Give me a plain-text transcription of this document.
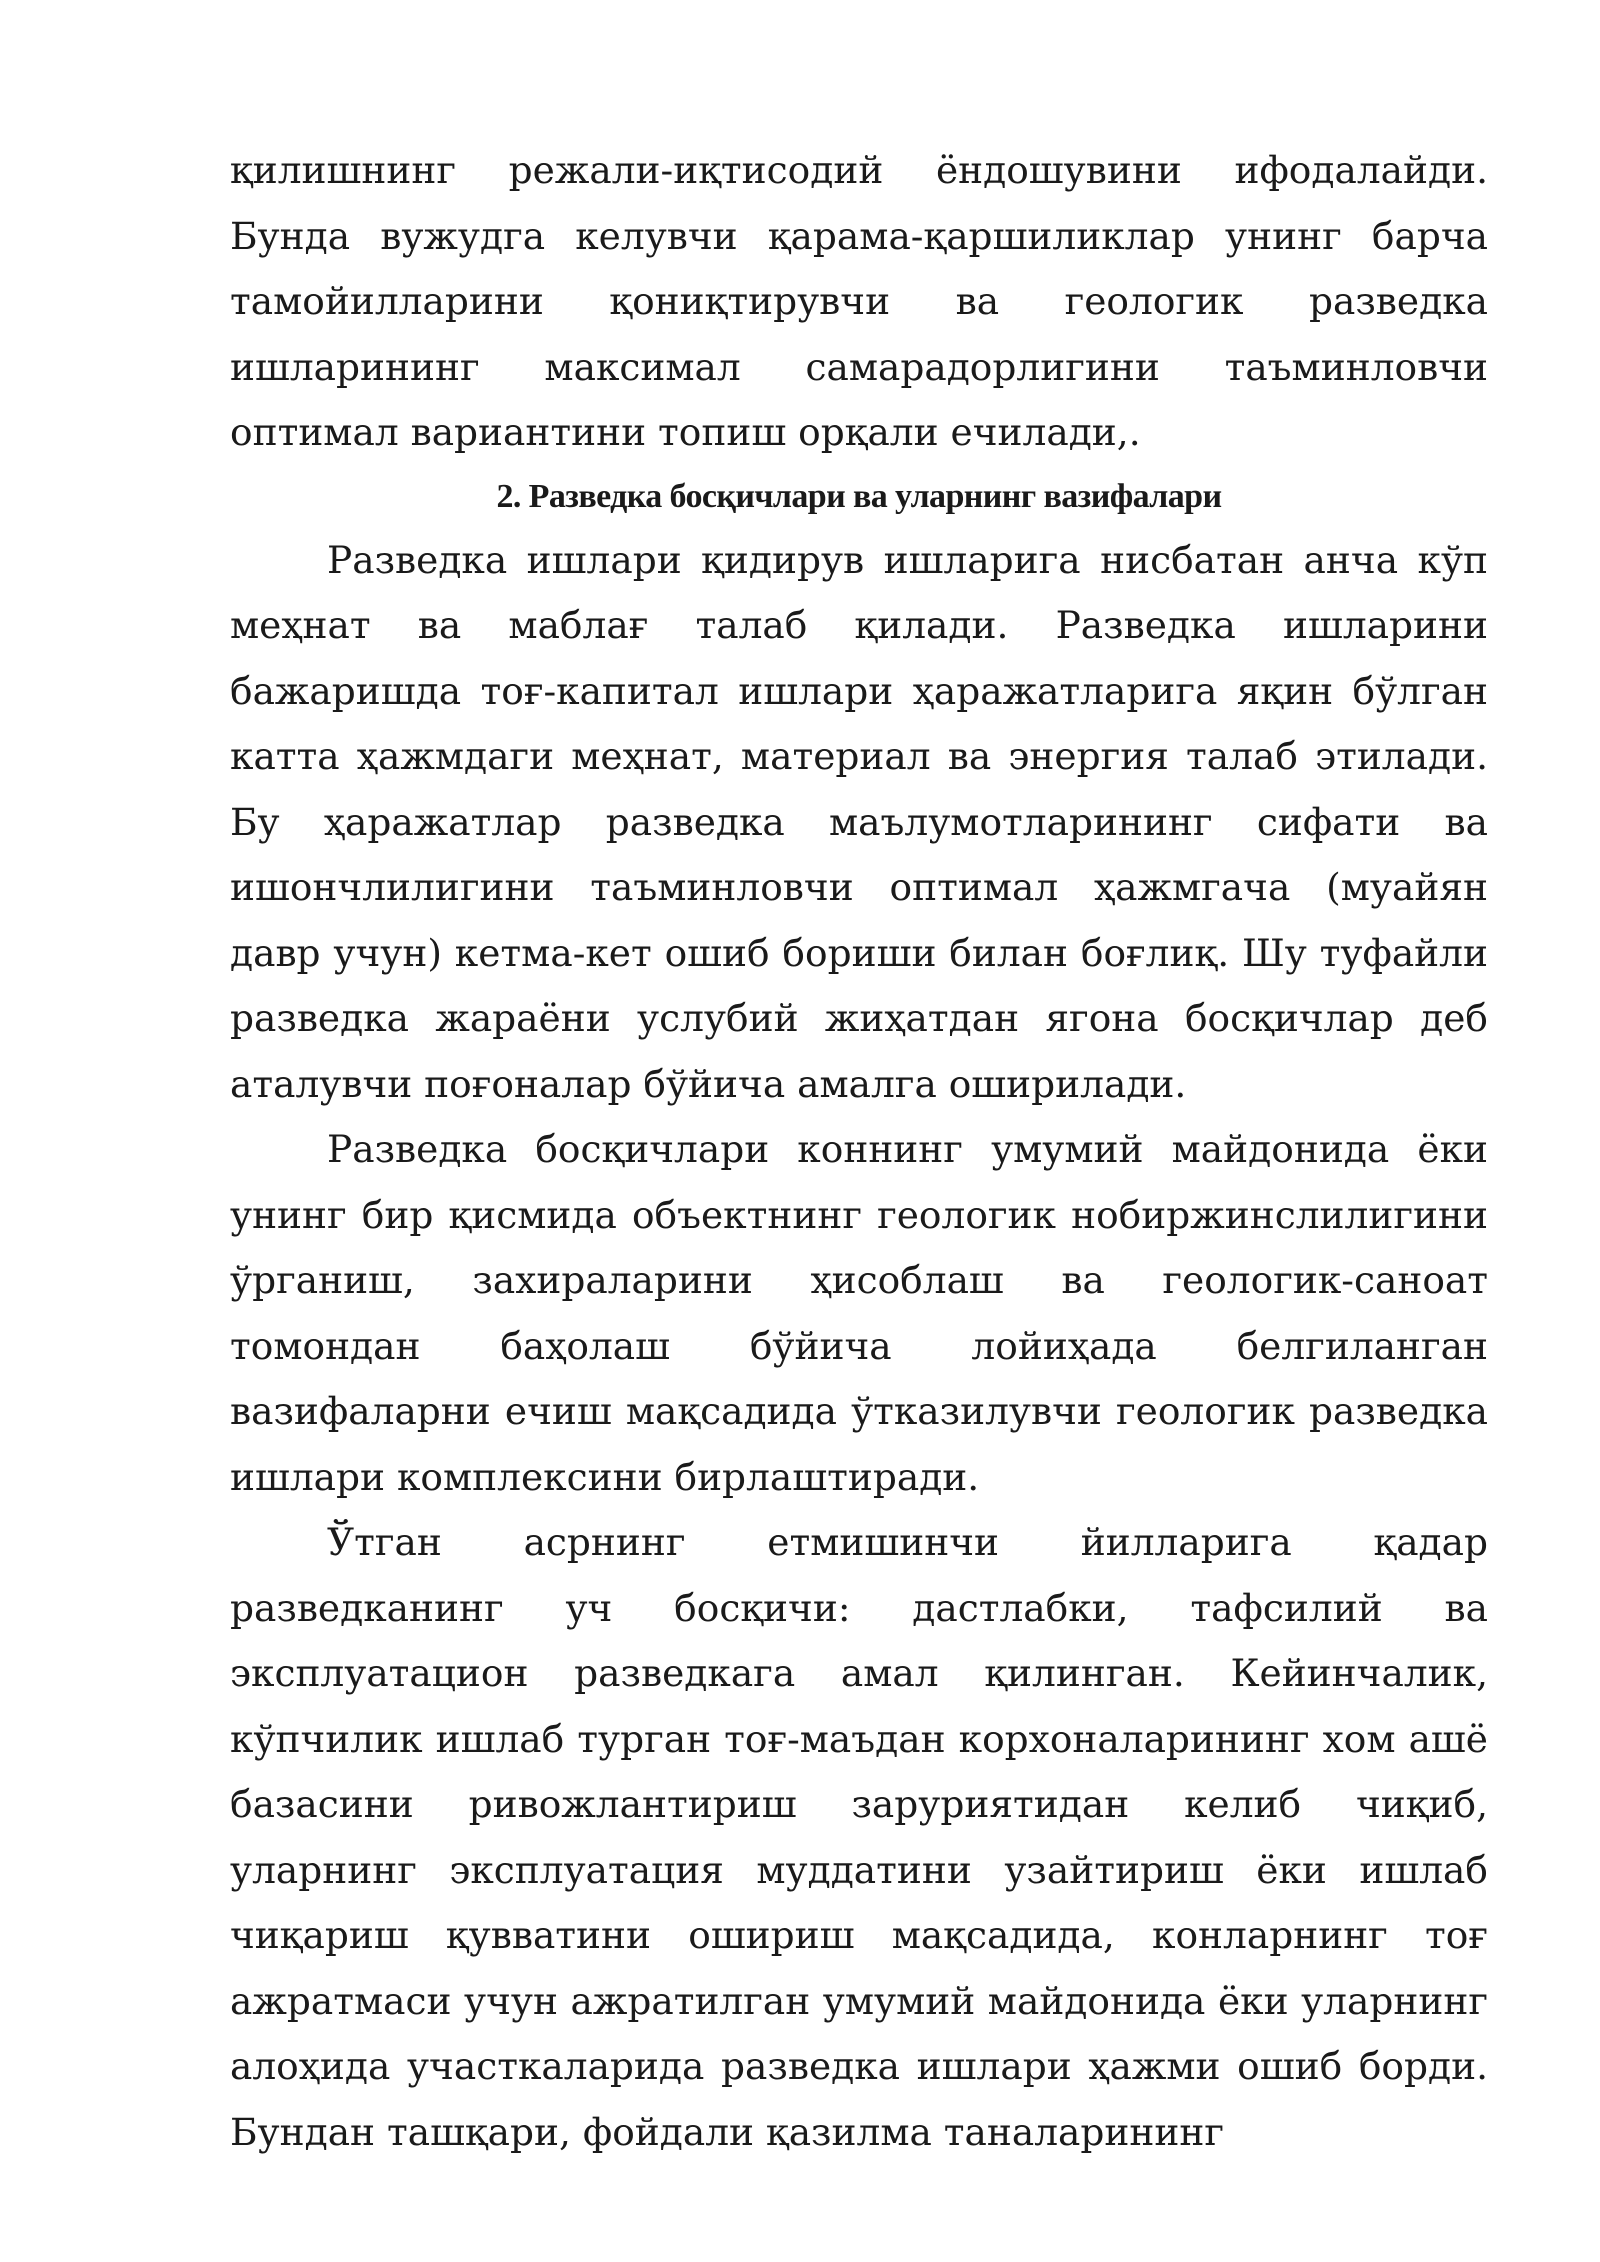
қилишнинг режали-иқтисодий ёндошувини ифодалайди. Бунда вужудга келувчи қарама-қаршиликлар унинг барча тамойилларини қониқтирувчи ва геологик разведка ишларининг максимал самарадорлигини таъминловчи оптимал вариантини топиш орқали ечилади,.

2. Разведка босқичлари ва уларнинг вазифалари

Разведка ишлари қидирув ишларига нисбатан анча кўп меҳнат ва маблағ талаб қилади. Разведка ишларини бажаришда тоғ-капитал ишлари ҳаражатларига яқин бўлган катта ҳажмдаги меҳнат, материал ва энергия талаб этилади. Бу ҳаражатлар разведка маълумотларининг сифати ва ишончлилигини таъминловчи оптимал ҳажмгача (муайян давр учун) кетма-кет ошиб бориши билан боғлиқ. Шу туфайли разведка жараёни услубий жиҳатдан ягона босқичлар деб аталувчи поғоналар бўйича амалга оширилади.

Разведка босқичлари коннинг умумий майдонида ёки унинг бир қисмида объектнинг геологик нобиржинслилигини ўрганиш, захираларини ҳисоблаш ва геологик-саноат томондан баҳолаш бўйича лойиҳада белгиланган вазифаларни ечиш мақсадида ўтказилувчи геологик разведка ишлари комплексини бирлаштиради.

Ўтган асрнинг етмишинчи йилларига қадар разведканинг уч босқичи: дастлабки, тафсилий ва эксплуатацион разведкага амал қилинган. Кейинчалик, кўпчилик ишлаб турган тоғ-маъдан корхоналарининг хом ашё базасини ривожлантириш заруриятидан келиб чиқиб, уларнинг эксплуатация муддатини узайтириш ёки ишлаб чиқариш қувватини ошириш мақсадида, конларнинг тоғ ажратмаси учун ажратилган умумий майдонида ёки уларнинг алоҳида участкаларида разведка ишлари ҳажми ошиб борди. Бундан ташқари, фойдали қазилма таналарининг
